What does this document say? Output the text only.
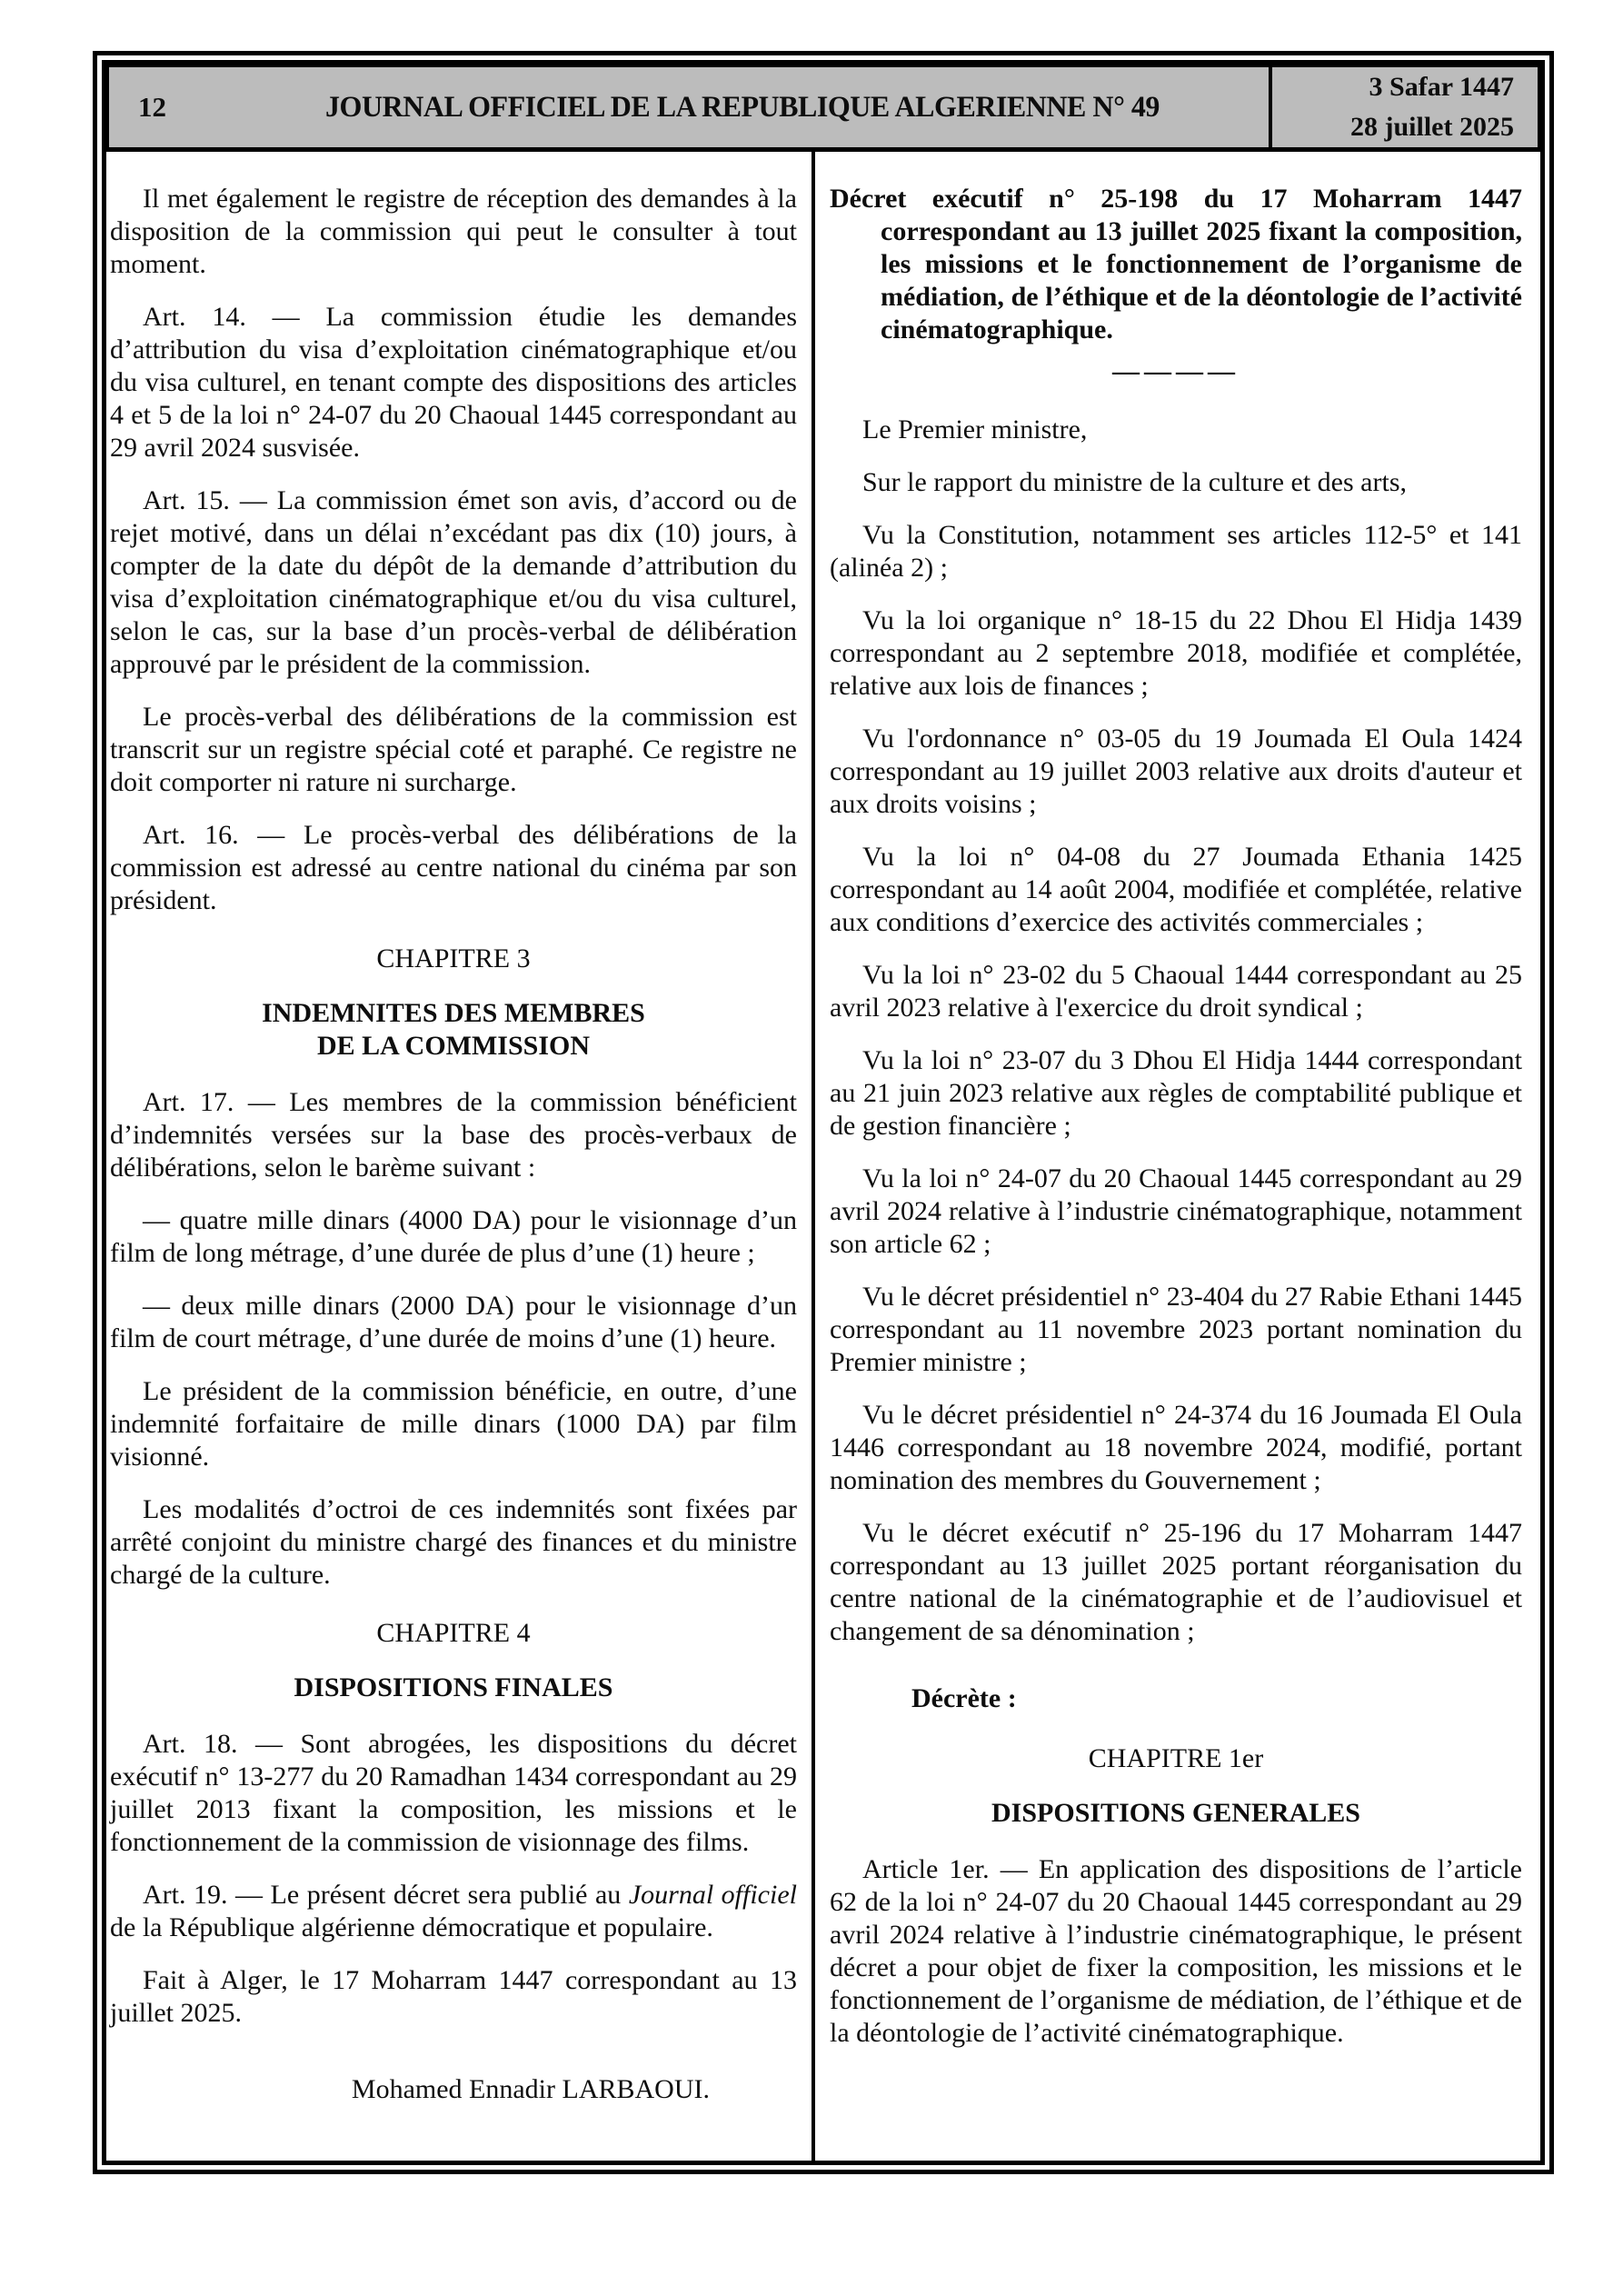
12	JOURNAL OFFICIEL DE LA REPUBLIQUE ALGERIENNE N° 49
3 Safar 1447
28 juillet 2025

Il met également le registre de réception des demandes à la disposition de la commission qui peut le consulter à tout moment.

Art. 14. — La commission étudie les demandes d’attribution du visa d’exploitation cinématographique et/ou du visa culturel, en tenant compte des dispositions des articles 4 et 5 de la loi n° 24-07 du 20 Chaoual 1445 correspondant au 29 avril 2024 susvisée.

Art. 15. — La commission émet son avis, d’accord ou de rejet motivé, dans un délai n’excédant pas dix (10) jours, à compter de la date du dépôt de la demande d’attribution du visa d’exploitation cinématographique et/ou du visa culturel, selon le cas, sur la base d’un procès-verbal de délibération approuvé par le président de la commission.

Le procès-verbal des délibérations de la commission est transcrit sur un registre spécial coté et paraphé. Ce registre ne doit comporter ni rature ni surcharge.

Art. 16. — Le procès-verbal des délibérations de la commission est adressé au centre national du cinéma par son président.

CHAPITRE 3

INDEMNITES DES MEMBRES
DE LA COMMISSION

Art. 17. — Les membres de la commission bénéficient d’indemnités versées sur la base des procès-verbaux de délibérations, selon le barème suivant :

— quatre mille dinars (4000 DA) pour le visionnage d’un film de long métrage, d’une durée de plus d’une (1) heure ;

— deux mille dinars (2000 DA) pour le visionnage d’un film de court métrage, d’une durée de moins d’une (1) heure.

Le président de la commission bénéficie, en outre, d’une indemnité forfaitaire de mille dinars (1000 DA) par film visionné.

Les modalités d’octroi de ces indemnités sont fixées par arrêté conjoint du ministre chargé des finances et du ministre chargé de la culture.

CHAPITRE 4

DISPOSITIONS FINALES

Art. 18. — Sont abrogées, les dispositions du décret exécutif n° 13-277 du 20 Ramadhan 1434 correspondant au 29 juillet 2013 fixant la composition, les missions et le fonctionnement de la commission de visionnage des films.

Art. 19. — Le présent décret sera publié au Journal officiel de la République algérienne démocratique et populaire.

Fait à Alger, le 17 Moharram 1447 correspondant au 13 juillet 2025.

Mohamed Ennadir LARBAOUI.

Décret exécutif n° 25-198 du 17 Moharram 1447 correspondant au 13 juillet 2025 fixant la composition, les missions et le fonctionnement de l’organisme de médiation, de l’éthique et de la déontologie de l’activité cinématographique.

————

Le Premier ministre,

Sur le rapport du ministre de la culture et des arts,

Vu la Constitution, notamment ses articles 112-5° et 141 (alinéa 2) ;

Vu la loi organique n° 18-15 du 22 Dhou El Hidja 1439 correspondant au 2 septembre 2018, modifiée et complétée, relative aux lois de finances ;

Vu l'ordonnance n° 03-05 du 19 Joumada El Oula 1424 correspondant au 19 juillet 2003 relative aux droits d'auteur et aux droits voisins ;

Vu la loi n° 04-08 du 27 Joumada Ethania 1425 correspondant au 14 août 2004, modifiée et complétée, relative aux conditions d’exercice des activités commerciales ;

Vu la loi n° 23-02 du 5 Chaoual 1444 correspondant au 25 avril 2023 relative à l'exercice du droit syndical ;

Vu la loi n° 23-07 du 3 Dhou El Hidja 1444 correspondant au 21 juin 2023 relative aux règles de comptabilité publique et de gestion financière ;

Vu la loi n° 24-07 du 20 Chaoual 1445 correspondant au 29 avril 2024 relative à l’industrie cinématographique, notamment son article 62 ;

Vu le décret présidentiel n° 23-404 du 27 Rabie Ethani 1445 correspondant au 11 novembre 2023 portant nomination du Premier ministre ;

Vu le décret présidentiel n° 24-374 du 16 Joumada El Oula 1446 correspondant au 18 novembre 2024, modifié, portant nomination des membres du Gouvernement ;

Vu le décret exécutif n° 25-196 du 17 Moharram 1447 correspondant au 13 juillet 2025 portant réorganisation du centre national de la cinématographie et de l’audiovisuel et changement de sa dénomination ;

Décrète :

CHAPITRE 1er

DISPOSITIONS GENERALES

Article 1er. — En application des dispositions de l’article 62 de la loi n° 24-07 du 20 Chaoual 1445 correspondant au 29 avril 2024 relative à l’industrie cinématographique, le présent décret a pour objet de fixer la composition, les missions et le fonctionnement de l’organisme de médiation, de l’éthique et de la déontologie de l’activité cinématographique.
